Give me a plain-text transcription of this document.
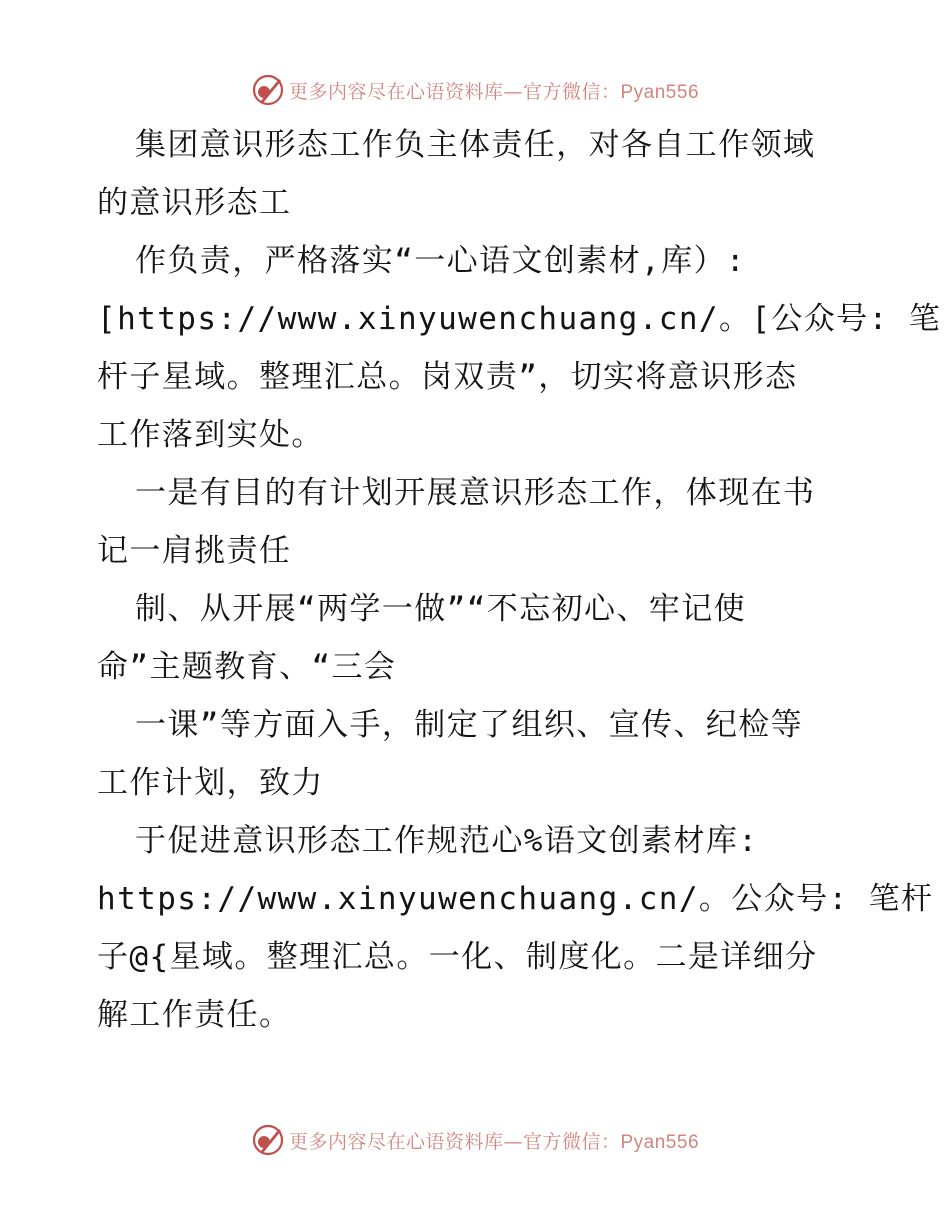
更多内容尽在心语资料库—官方微信：Pyan556
集团意识形态工作负主体责任，对各自工作领域
的意识形态工
作负责，严格落实“一心语文创素材,库）:
[https://www.xinyuwenchuang.cn/。[公众号: 笔
杆子星域。整理汇总。岗双责”，切实将意识形态
工作落到实处。
一是有目的有计划开展意识形态工作，体现在书
记一肩挑责任
制、从开展“两学一做”“不忘初心、牢记使
命”主题教育、“三会
一课”等方面入手，制定了组织、宣传、纪检等
工作计划，致力
于促进意识形态工作规范心%语文创素材库:
https://www.xinyuwenchuang.cn/。公众号: 笔杆
子@{星域。整理汇总。一化、制度化。二是详细分
解工作责任。
更多内容尽在心语资料库—官方微信：Pyan556
